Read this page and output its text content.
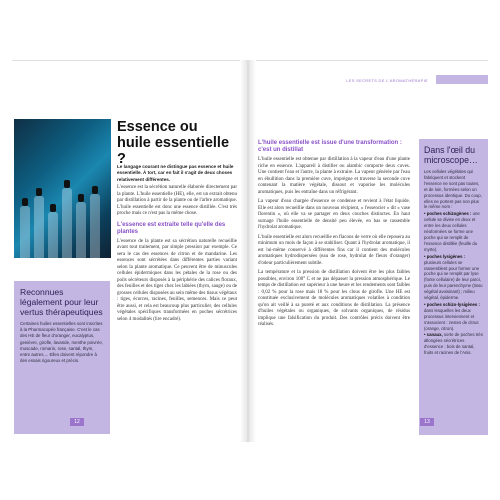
Essence ou huile essentielle ?

Le langage courant ne distingue pas essence et huile essentielle. À tort, car en fait il s'agit de deux choses relativement différentes.

L'essence est la sécrétion naturelle élaborée directement par la plante. L'huile essentielle (HE), elle, est un extrait obtenu par distillation à partir de la plante ou de l'arbre aromatique. L'huile essentielle est donc une essence distillée. C'est très proche mais ce n'est pas la même chose.

L'essence est extraite telle qu'elle des plantes

L'essence de la plante est sa sécrétion naturelle recueillie avant tout traitement, par simple pression par exemple. Ce sera le cas des essences de citron et de mandarine. Les essences sont sécrétées dans différentes parties variant selon la plante aromatique. Ce peuvent être de minuscules cellules épidermiques dans les pétales de la rose ou des poils sécréteurs disposés à la périphérie des calices floraux, des feuilles et des tiges chez les labiées (thym, sauge) ou de grosses cellules disposées au sein même des tissus végétaux : tiges, écorces, racines, feuilles, semences. Mais ce peut être aussi, et cela est beaucoup plus particulier, des cellules végétales spécifiques transformées en poches sécrétrices selon 4 modalités (lire encadré).

Reconnues légalement pour leur vertus thérapeutiques

Certaines huiles essentielles sont inscrites à la Pharmacopée française. C'est le cas des HE de fleur d'oranger, eucalyptus, genièvre, girofle, lavande, menthe poivrée, muscade, romarin, rose, santal, thym, entre autres.... Elles doivent répondre à des essais rigoureux et précis.

12
LES SECRETS DE L'AROMATHÉRAPIE
L'huile essentielle est issue d'une transformation : c'est un distillat

L'huile essentielle est obtenue par distillation à la vapeur d'eau d'une plante riche en essence. L'appareil à distiller ou alambic comporte deux cuves. Une contient l'eau et l'autre, la plante à extraire. La vapeur générée par l'eau en ébullition dans la première cuve, imprègne et traverse la seconde cuve contenant la matière végétale, dissout et vaporise les molécules aromatiques, puis les entraîne dans un réfrigérant.

La vapeur d'eau chargée d'essence se condense et revient à l'état liquide. Elle est alors recueillie dans un nouveau récipient, « l'essencier » dit « vase florentin », où elle va se partager en deux couches distinctes. En haut surnage l'huile essentielle de densité peu élevée, en bas se rassemble l'hydrolat aromatique.

L'huile essentielle est alors recueillie en flacons de verre où elle reposera au minimum un mois de façon à se stabiliser. Quant à l'hydrolat aromatique, il est lui-même conservé à différentes fins car il contient des molécules aromatiques hydrodispersées (eau de rose, hydrolat de fleurs d'oranger) d'odeur particulièrement subtile.

La température et la pression de distillation doivent être les plus faibles possibles, environ 100° C et ne pas dépasser la pression atmosphérique. Le temps de distillation est supérieur à une heure et les rendements sont faibles : 0,02 % pour la rose mais 18 % pour les clous de girofle. Une HE est constituée exclusivement de molécules aromatiques volatiles à condition qu'on ait veillé à sa pureté et aux conditions de distillation. La présence d'huiles végétales ou organiques, de solvants organiques, de résidus implique une falsification du produit. Des contrôles précis doivent être réalisés.

Dans l'œil du microscope…

Les cellules végétales qui fabriquent et stockent l'essence ne sont pas toutes, et de loin, formées selon un processus identique. Du coup, elles ne portent pas non plus le même nom :

• poches schizogènes : une cellule se divise en deux et entre les deux cellules néoformées se forme une poche qui se remplit de l'essence distillée (feuille du myrte).

• poches lysigènes : plusieurs cellules se rassemblent pour former une poche qui se remplit par lyse (fonte cellulaire) de leur paroi, puis de leur parenchyme (tissu végétal avoisinant) ; milieu végétal, épiderme.

• poches schizo-lysigènes : dans lesquelles les deux processus interviennent et s'associent : zestes de citrus (orange, citron).

• canaux, sorte de poches très allongées sécrétrices d'essence : bois de santal, fruits et racines de l'Anis.

13
